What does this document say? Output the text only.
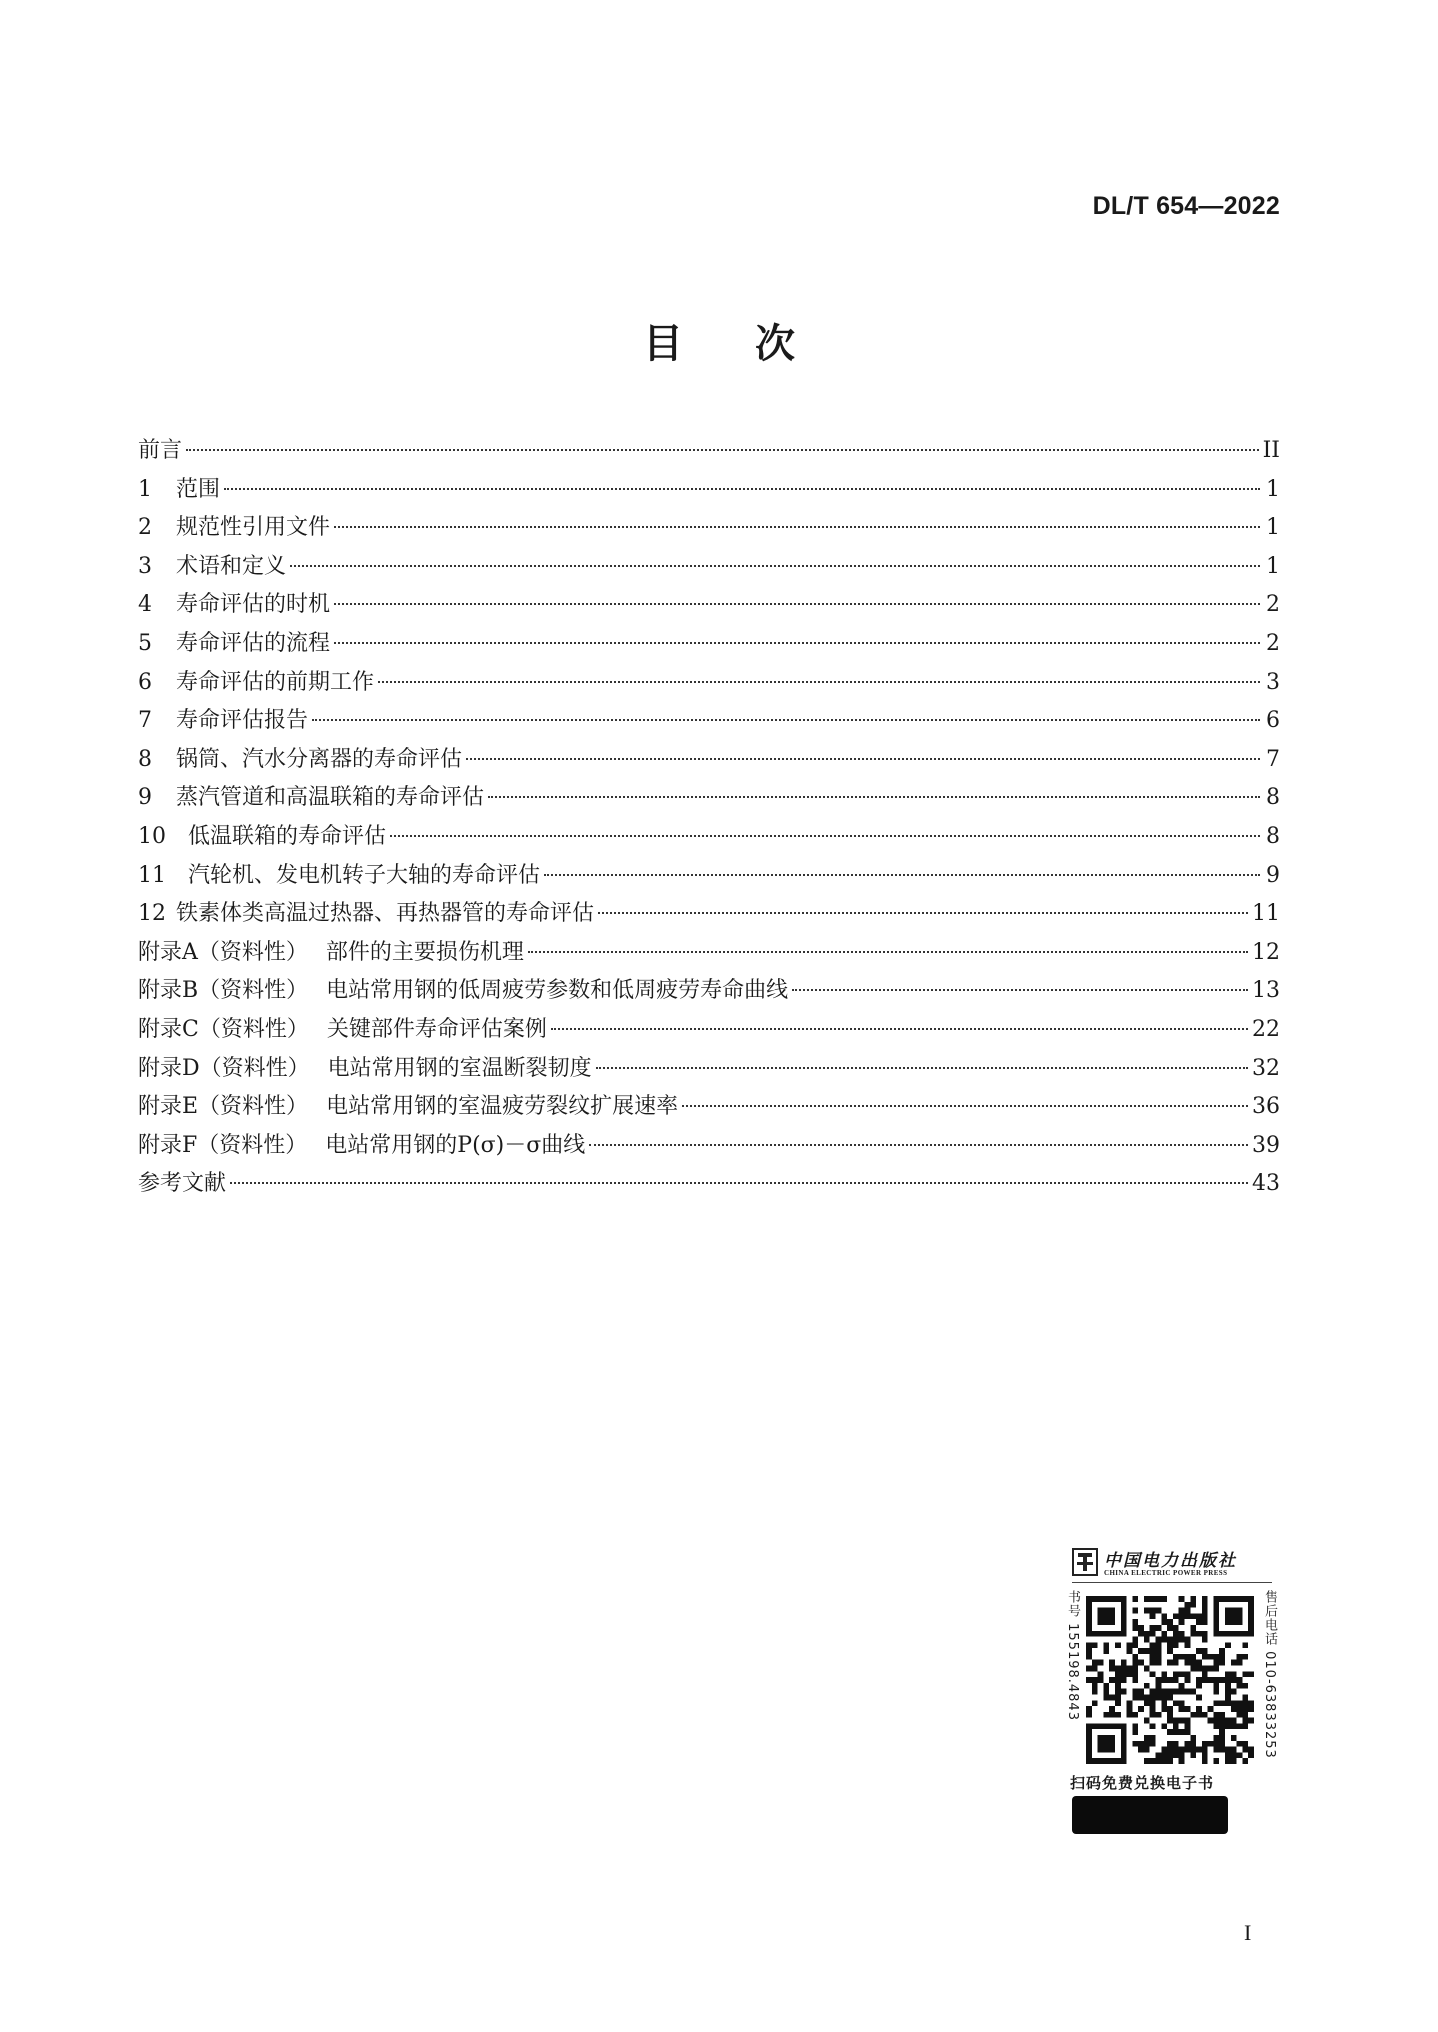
DL/T 654—2022
目次
前言	II
1	范围	1
2	规范性引用文件	1
3	术语和定义	1
4	寿命评估的时机	2
5	寿命评估的流程	2
6	寿命评估的前期工作	3
7	寿命评估报告	6
8	锅筒、汽水分离器的寿命评估	7
9	蒸汽管道和高温联箱的寿命评估	8
10	低温联箱的寿命评估	8
11	汽轮机、发电机转子大轴的寿命评估	9
12 铁素体类高温过热器、再热器管的寿命评估	11
附录A（资料性） 部件的主要损伤机理	12
附录B（资料性） 电站常用钢的低周疲劳参数和低周疲劳寿命曲线	13
附录C（资料性） 关键部件寿命评估案例	22
附录D（资料性） 电站常用钢的室温断裂韧度	32
附录E（资料性） 电站常用钢的室温疲劳裂纹扩展速率	36
附录F（资料性） 电站常用钢的P(σ)－σ曲线	39
参考文献	43
中国电力出版社
CHINA ELECTRIC POWER PRESS
书号 155198.4843	售后电话 010-63833253
扫码免费兑换电子书
I
